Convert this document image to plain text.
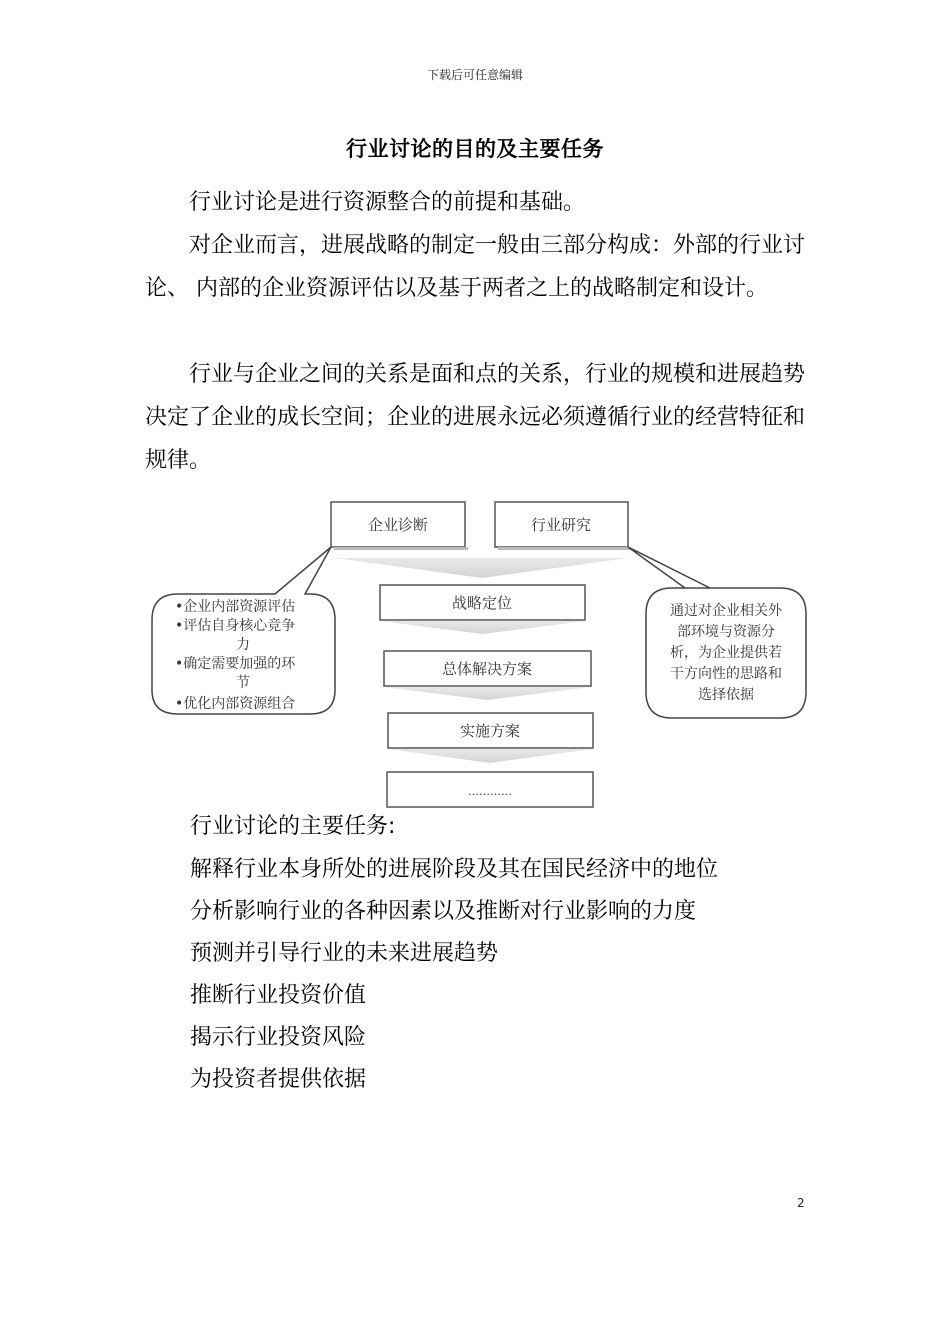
下载后可任意编辑
行业讨论的目的及主要任务

行业讨论是进行资源整合的前提和基础。

对企业而言，进展战略的制定一般由三部分构成：外部的行业讨论、 内部的企业资源评估以及基于两者之上的战略制定和设计。

行业与企业之间的关系是面和点的关系，行业的规模和进展趋势决定了企业的成长空间；企业的进展永远必须遵循行业的经营特征和规律。

企业诊断	行业研究
战略定位
总体解决方案
实施方案
…………
•企业内部资源评估
•评估自身核心竞争
力
•确定需要加强的环
节
•优化内部资源组合
通过对企业相关外
部环境与资源分
析，为企业提供若
干方向性的思路和
选择依据

行业讨论的主要任务:

解释行业本身所处的进展阶段及其在国民经济中的地位

分析影响行业的各种因素以及推断对行业影响的力度

预测并引导行业的未来进展趋势

推断行业投资价值

揭示行业投资风险

为投资者提供依据

2
